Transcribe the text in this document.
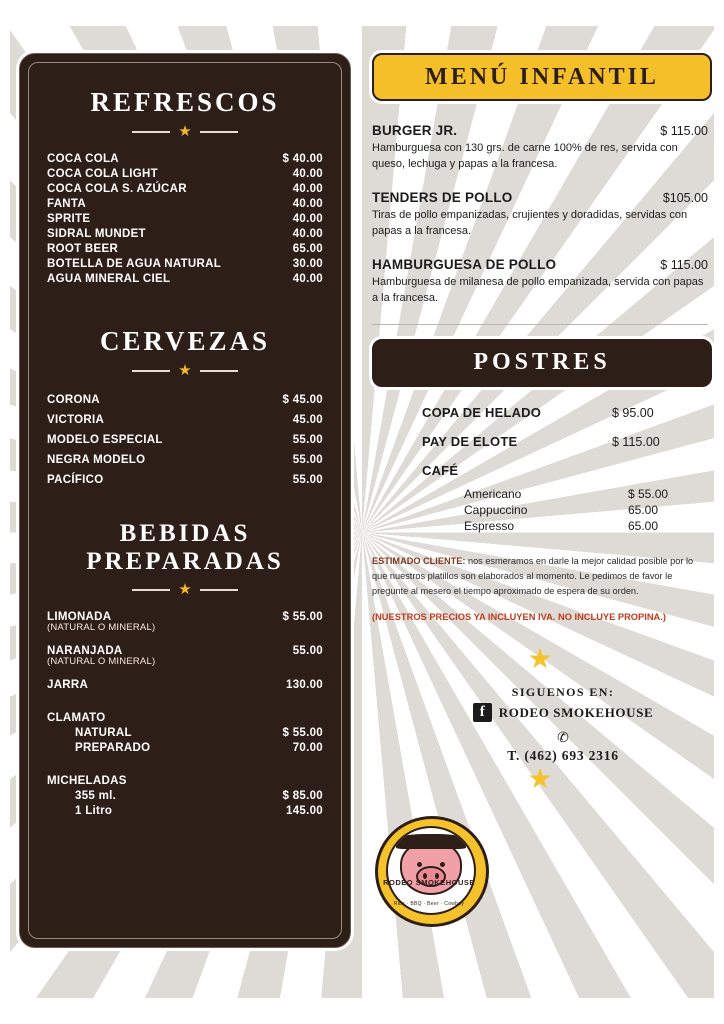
REFRESCOS
★
COCA COLA	$ 40.00
COCA COLA LIGHT	40.00
COCA COLA S. AZÚCAR	40.00
FANTA	40.00
SPRITE	40.00
SIDRAL MUNDET	40.00
ROOT BEER	65.00
BOTELLA DE AGUA NATURAL	30.00
AGUA MINERAL CIEL	40.00
CERVEZAS
★
CORONA	$ 45.00
VICTORIA	45.00
MODELO ESPECIAL	55.00
NEGRA MODELO	55.00
PACÍFICO	55.00
BEBIDAS
PREPARADAS
★
LIMONADA	$ 55.00
(NATURAL O MINERAL)
NARANJADA	55.00
(NATURAL O MINERAL)
JARRA	130.00
CLAMATO
NATURAL	$ 55.00
PREPARADO	70.00
MICHELADAS
355 ml.	$ 85.00
1 Litro	145.00
MENÚ INFANTIL
BURGER JR.	$ 115.00
Hamburguesa con 130 grs. de carne 100% de res, servida con queso, lechuga y papas a la francesa.
TENDERS DE POLLO	$105.00
Tiras de pollo empanizadas, crujientes y doradidas, servidas con papas a la francesa.
HAMBURGUESA DE POLLO	$ 115.00
Hamburguesa de milanesa de pollo empanizada, servida con papas a la francesa.
POSTRES
COPA DE HELADO	$ 95.00
PAY DE ELOTE	$ 115.00
CAFÉ
Americano	$ 55.00
Cappuccino	65.00
Espresso	65.00
ESTIMADO CLIENTE: nos esmeramos en darle la mejor calidad posible por lo que nuestros platillos son elaborados al momento. Le pedimos de favor le pregunte al mesero el tiempo aproximado de espera de su orden.
(NUESTROS PRECIOS YA INCLUYEN IVA. NO INCLUYE PROPINA.)
★
SIGUENOS EN:
f	RODEO SMOKEHOUSE
✆
T. (462) 693 2316
★
RODEO SMOKEHOUSE
Ribs · BBQ · Beer · Cowboy
